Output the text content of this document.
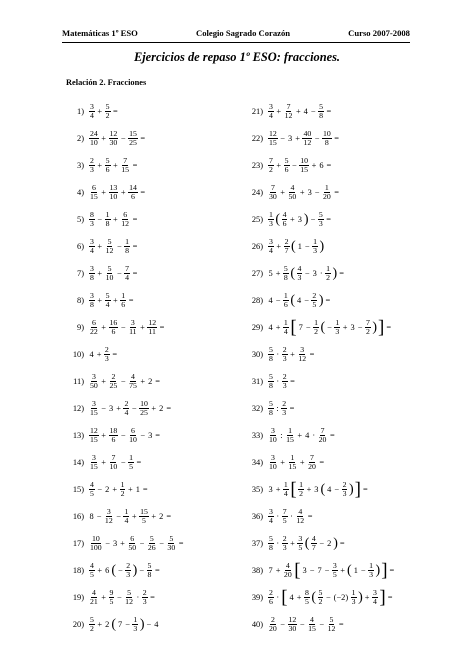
Matemáticas 1º ESO	Colegio Sagrado Corazón	Curso 2007-2008
Ejercicios de repaso 1º ESO: fracciones.
Relación 2. Fracciones
$1) \frac{3}{4} + \frac{5}{2}$ =
$2) \frac{24}{10} + \frac{12}{30} - \frac{15}{25}$ =
$3) \frac{2}{3} + \frac{5}{6} + \frac{7}{15}$ =
$4) \frac{6}{15} + \frac{13}{10} + \frac{14}{6}$ =
$5) \frac{8}{3} - \frac{1}{8} + \frac{6}{12}$ =
$6) \frac{3}{4} + \frac{5}{12} - \frac{1}{8}$ =
$7) \frac{3}{8} + \frac{5}{10} - \frac{7}{4}$ =
$8) \frac{3}{8} + \frac{5}{4} + \frac{1}{6}$ =
$9) \frac{6}{22} + \frac{16}{6} - \frac{3}{11} + \frac{12}{11}$ =
10) $4 + \frac{2}{3}$ =
$11) \frac{3}{50} + \frac{2}{25} - \frac{4}{75} + 2$ =
$12) \frac{3}{15} - 3 + \frac{2}{4} - \frac{10}{25} + 2$ =
$13) \frac{12}{15} + \frac{18}{6} - \frac{6}{10} - 3$ =
$14) \frac{3}{15} + \frac{7}{10} - \frac{1}{5}$ =
$15) \frac{4}{5} - 2 + \frac{1}{2} + 1$ =
16) $8 - \frac{3}{12} - \frac{1}{4} + \frac{15}{5} + 2$ =
$17) \frac{10}{100} - 3 + \frac{6}{50} - \frac{5}{26} - \frac{5}{30}$ =
$18) \frac{4}{5} + 6$ ( − $\frac{2}{3}$ ) − $\frac{5}{8}$ =
$19) \frac{4}{21} + \frac{9}{5} - \frac{5}{12} \cdot \frac{2}{3}$ =
$20) \frac{5}{2} + 2$ ( $7 - \frac{1}{3}$ ) − 4
$21) \frac{3}{4} + \frac{7}{12} + 4 - \frac{5}{8}$ =
$22) \frac{12}{15} - 3 + \frac{40}{12} - \frac{10}{8}$ =
$23) \frac{7}{2} + \frac{5}{6} - \frac{10}{15} + 6$ =
$24) \frac{7}{30} + \frac{4}{50} + 3 - \frac{1}{20}$ =
$25) \frac{1}{3}$ ( $\frac{4}{6} + 3$ ) − $\frac{5}{3}$ =
$26) \frac{3}{4} + \frac{2}{7}$ ( $1 - \frac{1}{3}$ )
27) $5 + \frac{5}{8}$ ( $\frac{4}{3} - 3 \cdot \frac{1}{2}$ ) =
28) $4 - \frac{1}{6}$ ( $4 - \frac{2}{5}$ ) =
29) $4 + \frac{1}{4}$ [ $7 - \frac{1}{2}$ ( − $\frac{1}{3} + 3 - \frac{7}{2}$ ) ] =
$30) \frac{5}{8} \cdot \frac{2}{3} + \frac{3}{12}$ =
$31) \frac{5}{8} \cdot \frac{2}{3}$ =
$32) \frac{5}{8}$ : $\frac{2}{3}$ =
$33) \frac{3}{10}$ : $\frac{1}{15} + 4 \cdot \frac{7}{20}$ =
$34) \frac{3}{10} + \frac{1}{15} + \frac{7}{20}$ =
35) $3 + \frac{1}{4}$ [ $\frac{1}{2} + 3$ ( $4 - \frac{2}{3}$ ) ] =
$36) \frac{3}{4} \cdot \frac{7}{5} \cdot \frac{4}{12}$ =
$37) \frac{5}{8} \cdot \frac{2}{3} + \frac{3}{5}$ ( $\frac{4}{7} - 2$ ) =
38) $7 + \frac{4}{20}$ [ $3 - 7 - \frac{3}{5}$ + ( $1 - \frac{1}{3}$ ) ] =
$39) \frac{2}{6}$ · [ $4 + \frac{8}{5}$ ( $\frac{5}{2} - (-2) \frac{1}{3}$ ) + $\frac{3}{4}$ ] =
$40) \frac{2}{20} - \frac{12}{30} - \frac{4}{15} - \frac{5}{12}$ =
